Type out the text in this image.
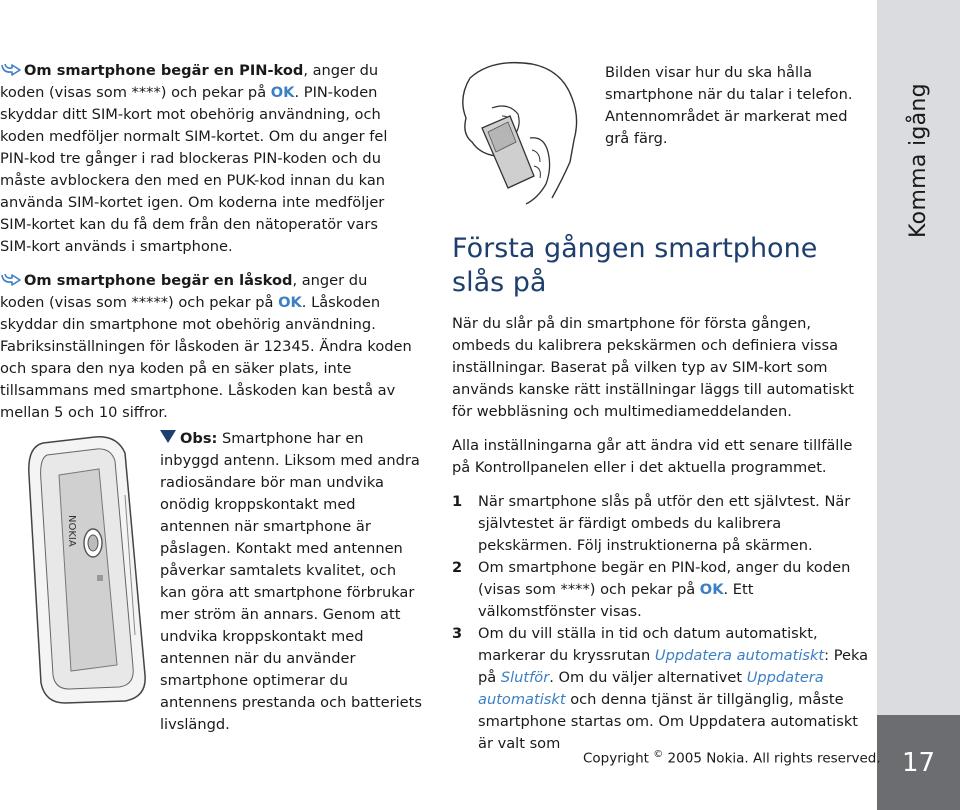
Komma igång
17

Om smartphone begär en PIN-kod, anger du koden (visas som ****) och pekar på OK. PIN-koden skyddar ditt SIM-kort mot obehörig användning, och koden medföljer normalt SIM-kortet. Om du anger fel PIN-kod tre gånger i rad blockeras PIN-koden och du måste avblockera den med en PUK-kod innan du kan använda SIM-kortet igen. Om koderna inte medföljer SIM-kortet kan du få dem från den nätoperatör vars SIM-kort används i smartphone.

Om smartphone begär en låskod, anger du koden (visas som *****) och pekar på OK. Låskoden skyddar din smartphone mot obehörig användning. Fabriksinställningen för låskoden är 12345. Ändra koden och spara den nya koden på en säker plats, inte tillsammans med smartphone. Låskoden kan bestå av mellan 5 och 10 siffror.

NOKIA

Obs: Smartphone har en inbyggd antenn. Liksom med andra radiosändare bör man undvika onödig kroppskontakt med antennen när smartphone är påslagen. Kontakt med antennen påverkar samtalets kvalitet, och kan göra att smartphone förbrukar mer ström än annars. Genom att undvika kroppskontakt med antennen när du använder smartphone optimerar du antennens prestanda och batteriets livslängd.

Bilden visar hur du ska hålla smartphone när du talar i telefon. Antennområdet är markerat med grå färg.

Första gången smartphone slås på

När du slår på din smartphone för första gången, ombeds du kalibrera pekskärmen och definiera vissa inställningar. Baserat på vilken typ av SIM-kort som används kanske rätt inställningar läggs till automatiskt för webbläsning och multimediameddelanden.

Alla inställningarna går att ändra vid ett senare tillfälle på Kontrollpanelen eller i det aktuella programmet.

1	När smartphone slås på utför den ett självtest. När självtestet är färdigt ombeds du kalibrera pekskärmen. Följ instruktionerna på skärmen.
2	Om smartphone begär en PIN-kod, anger du koden (visas som ****) och pekar på OK. Ett välkomstfönster visas.
3	Om du vill ställa in tid och datum automatiskt, markerar du kryssrutan Uppdatera automatiskt: Peka på Slutför. Om du väljer alternativet Uppdatera automatiskt och denna tjänst är tillgänglig, måste smartphone startas om. Om Uppdatera automatiskt är valt som
Copyright © 2005 Nokia. All rights reserved.
